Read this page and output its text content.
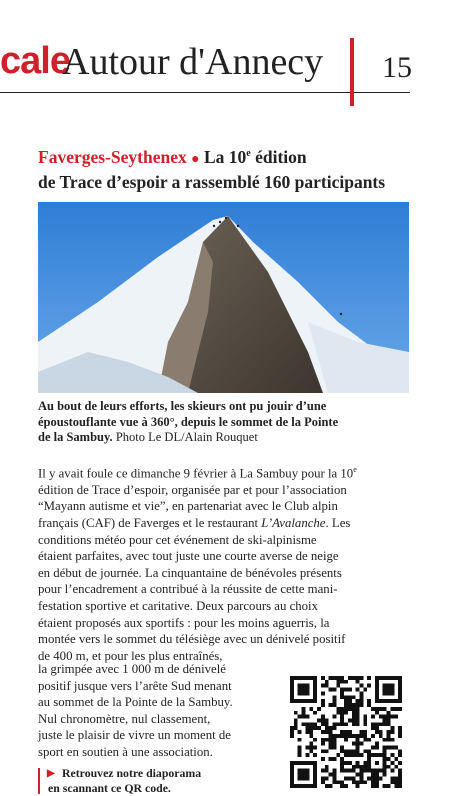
cale
Autour d'Annecy 15
Faverges-Seythenex ● La 10e édition
de Trace d’espoir a rassemblé 160 participants
Au bout de leurs efforts, les skieurs ont pu jouir d’une
époustouflante vue à 360°, depuis le sommet de la Pointe
de la Sambuy. Photo Le DL/Alain Rouquet
Il y avait foule ce dimanche 9 février à La Sambuy pour la 10e
édition de Trace d’espoir, organisée par et pour l’association
“Mayann autisme et vie”, en partenariat avec le Club alpin
français (CAF) de Faverges et le restaurant L’Avalanche. Les
conditions météo pour cet événement de ski-alpinisme
étaient parfaites, avec tout juste une courte averse de neige
en début de journée. La cinquantaine de bénévoles présents
pour l’encadrement a contribué à la réussite de cette mani-
festation sportive et caritative. Deux parcours au choix
étaient proposés aux sportifs : pour les moins aguerris, la
montée vers le sommet du télésiège avec un dénivelé positif
de 400 m, et pour les plus entraînés,
la grimpée avec 1 000 m de dénivelé
positif jusque vers l’arête Sud menant
au sommet de la Pointe de la Sambuy.
Nul chronomètre, nul classement,
juste le plaisir de vivre un moment de
sport en soutien à une association.
▶ Retrouvez notre diaporama
en scannant ce QR code.
